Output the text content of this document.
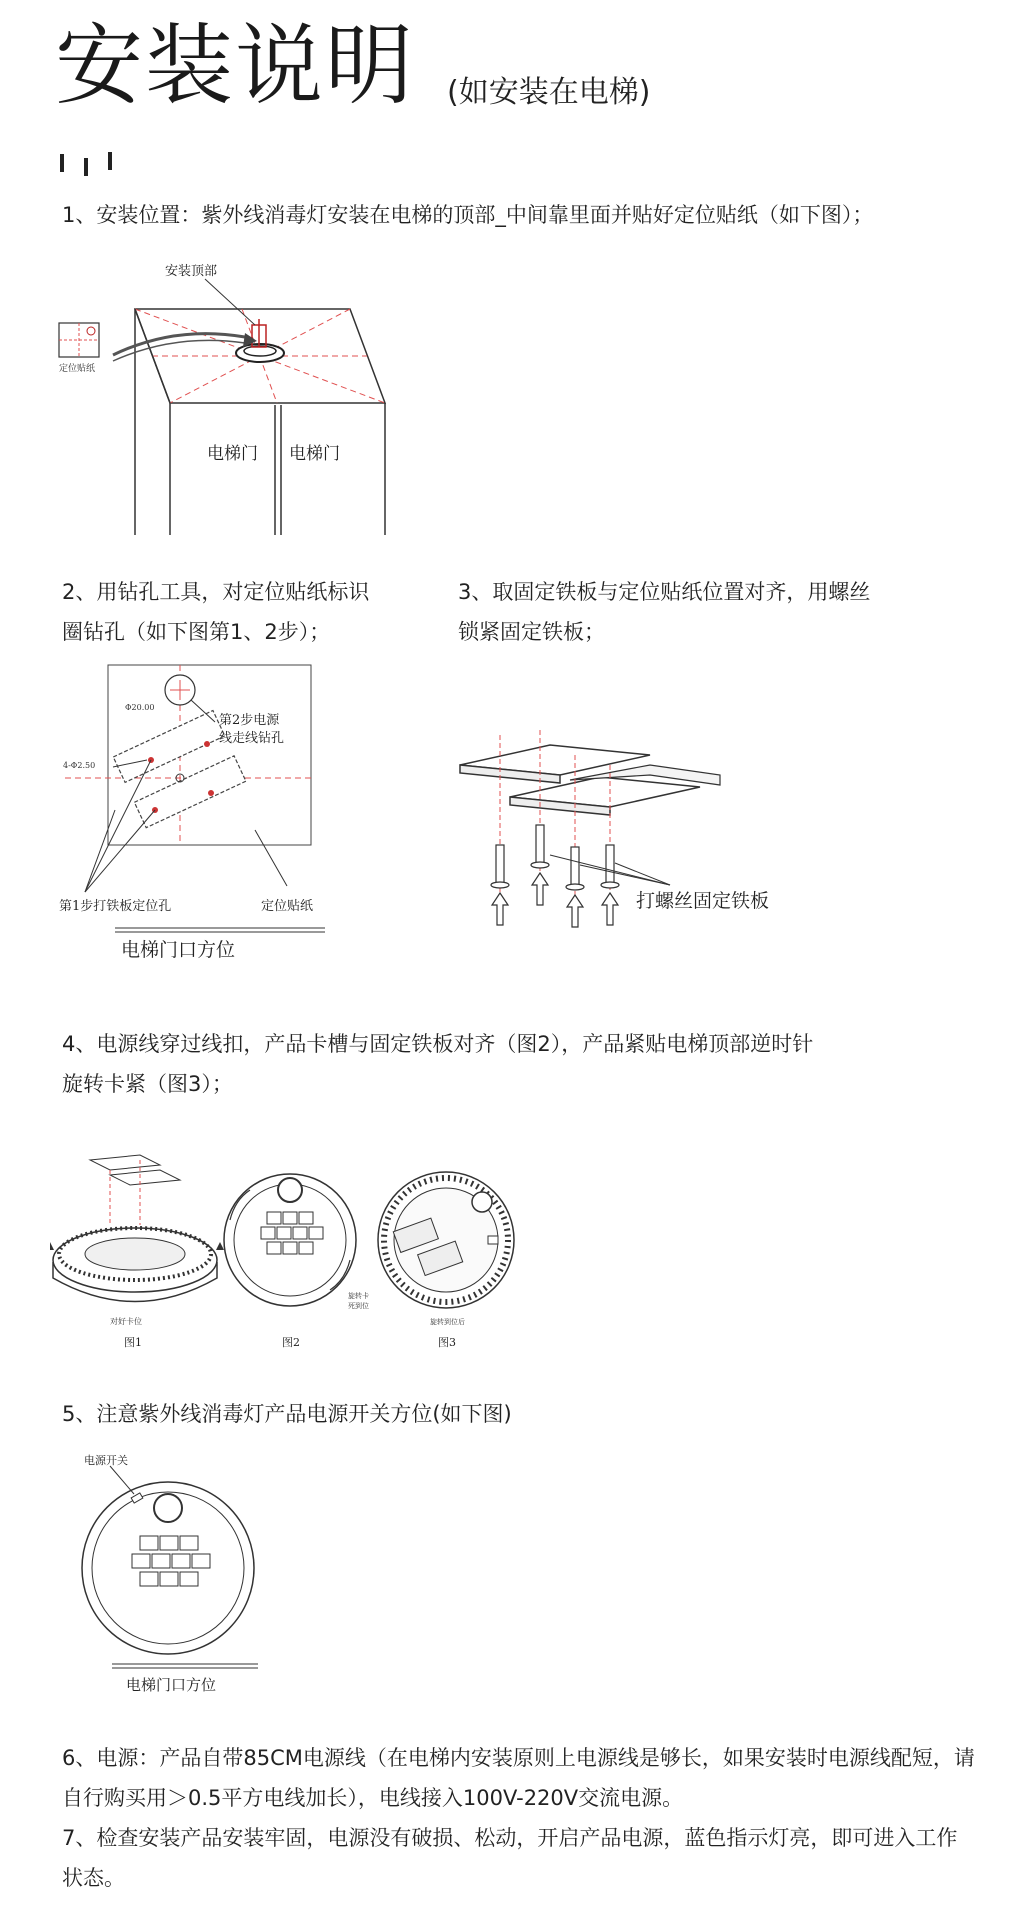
安装说明 (如安装在电梯)
1、安装位置：紫外线消毒灯安装在电梯的顶部_中间靠里面并贴好定位贴纸（如下图）；
安装顶部
定位贴纸
电梯门 电梯门
2、用钻孔工具，对定位贴纸标识
圈钻孔（如下图第1、2步）；
3、取固定铁板与定位贴纸位置对齐，用螺丝
锁紧固定铁板；
Φ20.00
4-Φ2.50
第2步电源
线走线钻孔
第1步打铁板定位孔	定位贴纸
电梯门口方位
打螺丝固定铁板
4、电源线穿过线扣，产品卡槽与固定铁板对齐（图2），产品紧贴电梯顶部逆时针
旋转卡紧（图3）；
对好卡位
图1
旋转卡
死到位
图2
旋转到位后
图3
5、注意紫外线消毒灯产品电源开关方位(如下图)
电源开关
电梯门口方位
6、电源：产品自带85CM电源线（在电梯内安装原则上电源线是够长，如果安装时电源线配短，请
自行购买用＞0.5平方电线加长），电线接入100V-220V交流电源。
7、检查安装产品安装牢固，电源没有破损、松动，开启产品电源，蓝色指示灯亮，即可进入工作
状态。
